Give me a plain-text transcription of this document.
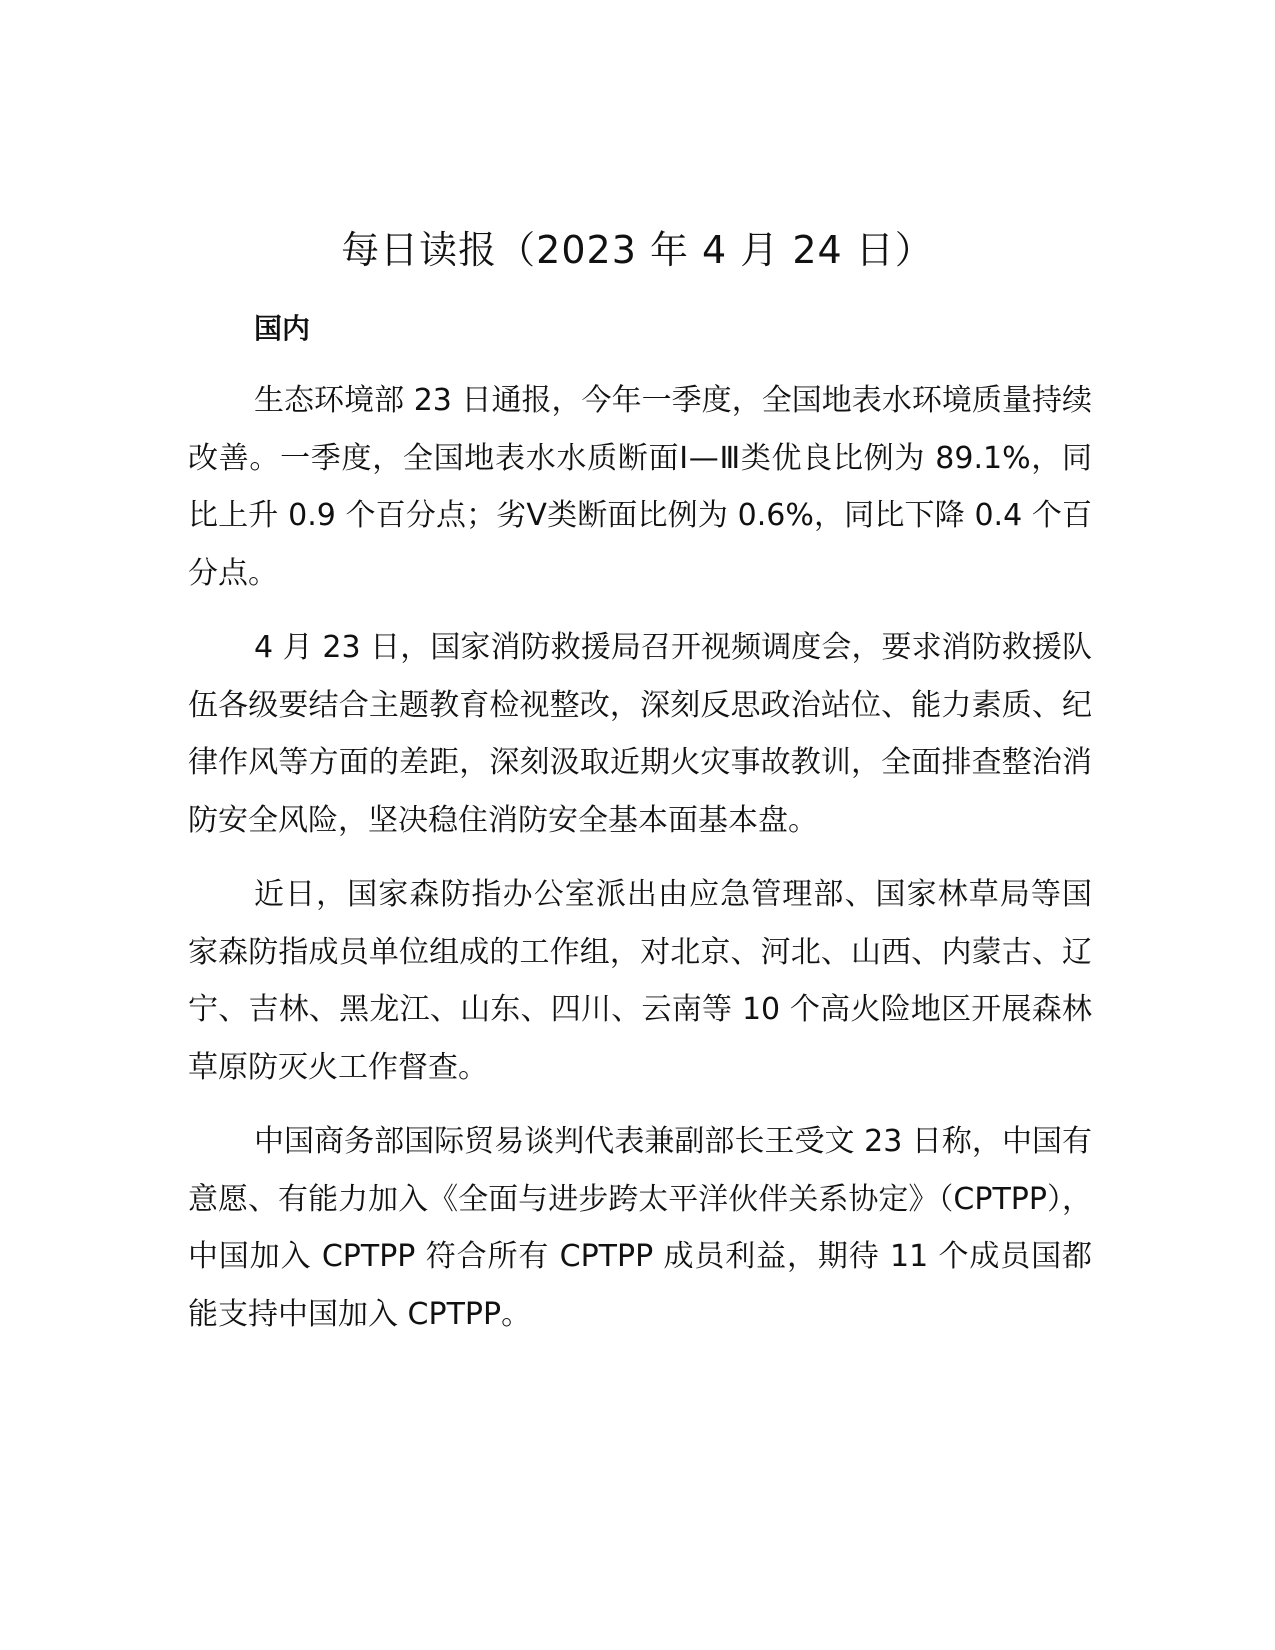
每日读报（2023 年 4 月 24 日）
国内

生态环境部 23 日通报，今年一季度，全国地表水环境质量持续改善。一季度，全国地表水水质断面Ⅰ—Ⅲ类优良比例为 89.1%，同比上升 0.9 个百分点；劣Ⅴ类断面比例为 0.6%，同比下降 0.4 个百分点。

4 月 23 日，国家消防救援局召开视频调度会，要求消防救援队伍各级要结合主题教育检视整改，深刻反思政治站位、能力素质、纪律作风等方面的差距，深刻汲取近期火灾事故教训，全面排查整治消防安全风险，坚决稳住消防安全基本面基本盘。

近日，国家森防指办公室派出由应急管理部、国家林草局等国家森防指成员单位组成的工作组，对北京、河北、山西、内蒙古、辽宁、吉林、黑龙江、山东、四川、云南等 10 个高火险地区开展森林草原防灭火工作督查。

中国商务部国际贸易谈判代表兼副部长王受文 23 日称，中国有意愿、有能力加入《全面与进步跨太平洋伙伴关系协定》（CPTPP），中国加入 CPTPP 符合所有 CPTPP 成员利益，期待 11 个成员国都能支持中国加入 CPTPP。
